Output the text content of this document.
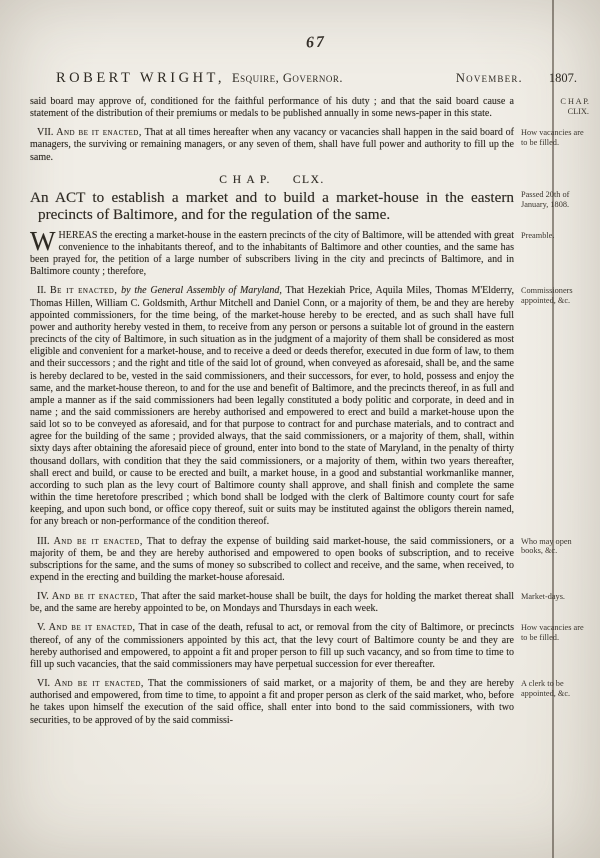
67
ROBERT WRIGHT, Esquire, Governor.	November. 1807.

said board may approve of, conditioned for the faithful performance of his duty ; and that the said board cause a statement of the distribution of their premiums or medals to be published annually in some news-paper in this state.
C H A P.
CLIX.

VII. And be it enacted, That at all times hereafter when any vacancy or vacancies shall happen in the said board of managers, the surviving or remaining managers, or any seven of them, shall have full power and authority to fill up the same.
How vacancies are to be filled.

C H A P. CLX.

An ACT to establish a market and to build a market-house in the eastern precincts of Baltimore, and for the regulation of the same.
Passed 20th of January, 1808.

WHEREAS the erecting a market-house in the eastern precincts of the city of Baltimore, will be attended with great convenience to the inhabitants thereof, and to the inhabitants of Baltimore and other counties, and the same has been prayed for, the petition of a large number of subscribers living in the city and precincts of Baltimore, and in Baltimore county ; therefore,
Preamble.

II. Be it enacted, by the General Assembly of Maryland, That Hezekiah Price, Aquila Miles, Thomas M'Elderry, Thomas Hillen, William C. Goldsmith, Arthur Mitchell and Daniel Conn, or a majority of them, be and they are hereby appointed commissioners, for the time being, of the market-house hereby to be erected, and as such shall have full power and authority hereby vested in them, to receive from any person or persons a suitable lot of ground in the eastern precincts of the city of Baltimore, in such situation as in the judgment of a majority of them shall be considered as most eligible and convenient for a market-house, and to receive a deed or deeds therefor, executed in due form of law, to them and their successors ; and the right and title of the said lot of ground, when conveyed as aforesaid, shall be, and the same is hereby declared to be, vested in the said commissioners, and their successors, for ever, to hold, possess and enjoy the same, and the market-house thereon, to and for the use and benefit of Baltimore, and the precincts thereof, in as full and ample a manner as if the said commissioners had been legally constituted a body politic and corporate, in deed and in name ; and the said commissioners are hereby authorised and empowered to erect and build a market-house upon the said lot so to be conveyed as aforesaid, and for that purpose to contract for and purchase materials, and to contract and agree for the building of the same ; provided always, that the said commissioners, or a majority of them, shall, within sixty days after obtaining the aforesaid piece of ground, enter into bond to the state of Maryland, in the penalty of thirty thousand dollars, with condition that they the said commissioners, or a majority of them, within two years thereafter, shall erect and build, or cause to be erected and built, a market house, in a good and substantial workmanlike manner, according to such plan as the levy court of Baltimore county shall approve, and shall finish and complete the same within the time heretofore prescribed ; which bond shall be lodged with the clerk of Baltimore county court for safe keeping, and upon such bond, or office copy thereof, suit or suits may be instituted against the obligors therein named, for any breach or non-performance of the condition thereof.
Commissioners appointed, &c.

III. And be it enacted, That to defray the expense of building said market-house, the said commissioners, or a majority of them, be and they are hereby authorised and empowered to open books of subscription, and to receive subscriptions for the same, and the sums of money so subscribed to collect and receive, and the same, when received, to expend in the erecting and building the market-house aforesaid.
Who may open books, &c.

IV. And be it enacted, That after the said market-house shall be built, the days for holding the market thereat shall be, and the same are hereby appointed to be, on Mondays and Thursdays in each week.
Market-days.

V. And be it enacted, That in case of the death, refusal to act, or removal from the city of Baltimore, or precincts thereof, of any of the commissioners appointed by this act, that the levy court of Baltimore county be and they are hereby authorised and empowered, to appoint a fit and proper person to fill up such vacancy, and so from time to time to fill up such vacancies, that the said commissioners may have perpetual succession for ever thereafter.
How vacancies are to be filled.

VI. And be it enacted, That the commissioners of said market, or a majority of them, be and they are hereby authorised and empowered, from time to time, to appoint a fit and proper person as clerk of the said market, who, before he takes upon himself the execution of the said office, shall enter into bond to the said commissioners, with two securities, to be approved of by the said commissi-
A clerk to be appointed, &c.
